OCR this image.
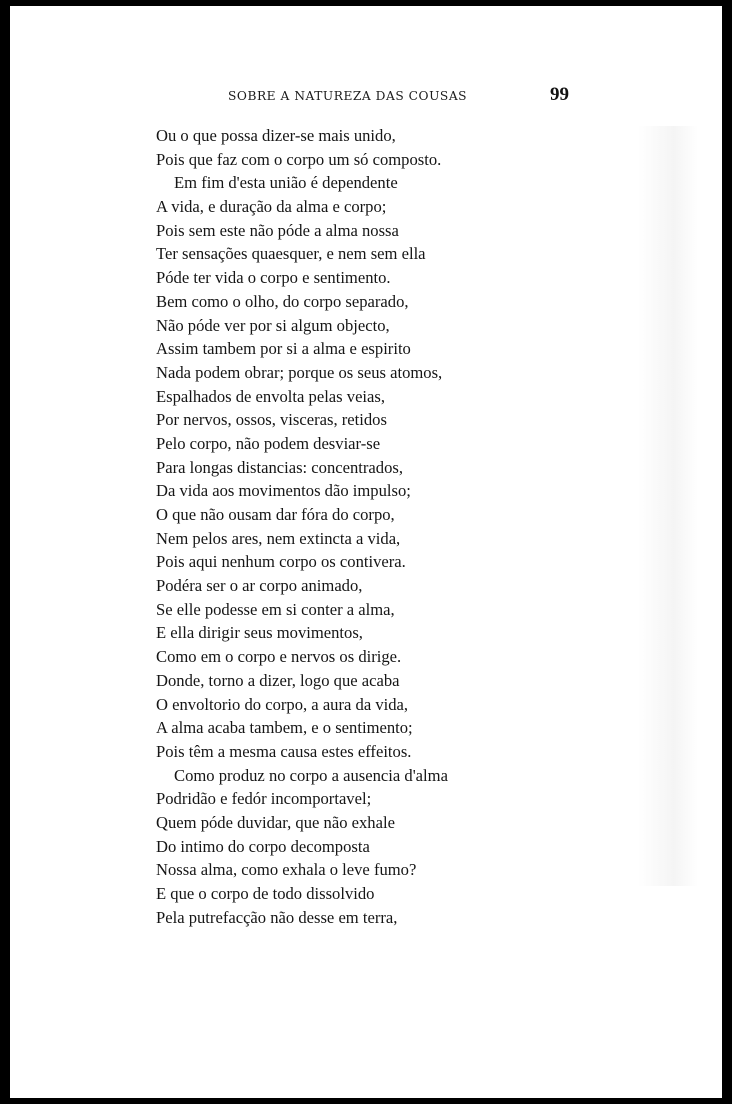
SOBRE A NATUREZA DAS COUSAS	99
Ou o que possa dizer-se mais unido,
Pois que faz com o corpo um só composto.
Em fim d'esta união é dependente
A vida, e duração da alma e corpo;
Pois sem este não póde a alma nossa
Ter sensações quaesquer, e nem sem ella
Póde ter vida o corpo e sentimento.
Bem como o olho, do corpo separado,
Não póde ver por si algum objecto,
Assim tambem por si a alma e espirito
Nada podem obrar; porque os seus atomos,
Espalhados de envolta pelas veias,
Por nervos, ossos, visceras, retidos
Pelo corpo, não podem desviar-se
Para longas distancias: concentrados,
Da vida aos movimentos dão impulso;
O que não ousam dar fóra do corpo,
Nem pelos ares, nem extincta a vida,
Pois aqui nenhum corpo os contivera.
Podéra ser o ar corpo animado,
Se elle podesse em si conter a alma,
E ella dirigir seus movimentos,
Como em o corpo e nervos os dirige.
Donde, torno a dizer, logo que acaba
O envoltorio do corpo, a aura da vida,
A alma acaba tambem, e o sentimento;
Pois têm a mesma causa estes effeitos.
Como produz no corpo a ausencia d'alma
Podridão e fedór incomportavel;
Quem póde duvidar, que não exhale
Do intimo do corpo decomposta
Nossa alma, como exhala o leve fumo?
E que o corpo de todo dissolvido
Pela putrefacção não desse em terra,
